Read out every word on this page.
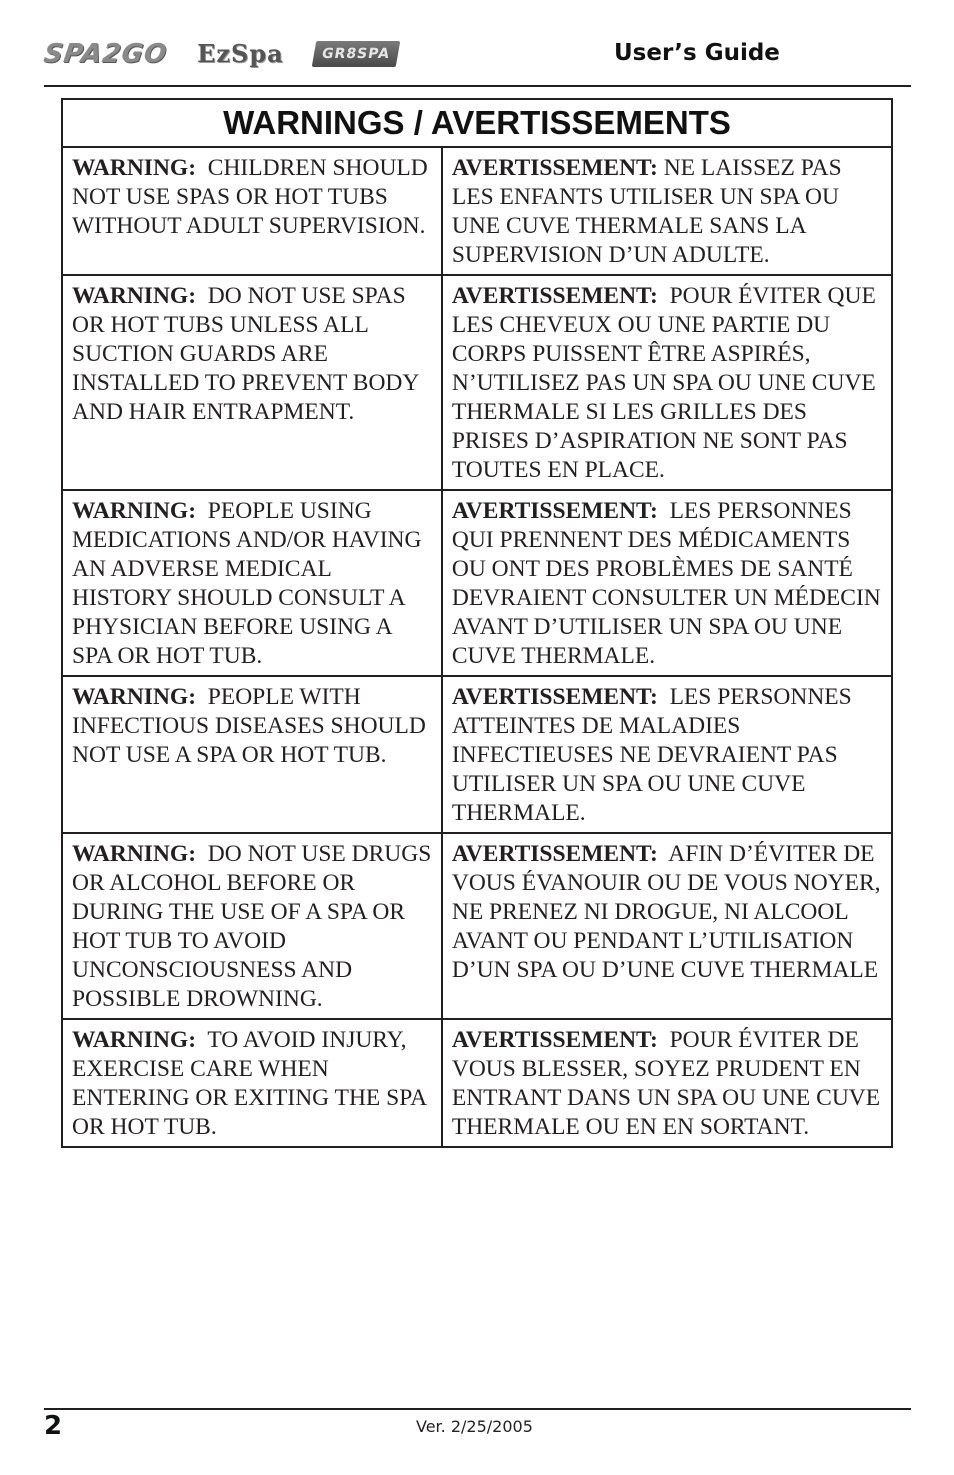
SPA2GO EzSpa	GR8SPA	User’s Guide
WARNINGS / AVERTISSEMENTS	
WARNING: CHILDREN SHOULD NOT USE SPAS OR HOT TUBS WITHOUT ADULT SUPERVISION.	AVERTISSEMENT: NE LAISSEZ PAS LES ENFANTS UTILISER UN SPA OU UNE CUVE THERMALE SANS LA SUPERVISION D’UN ADULTE.
WARNING: DO NOT USE SPAS OR HOT TUBS UNLESS ALL SUCTION GUARDS ARE INSTALLED TO PREVENT BODY AND HAIR ENTRAPMENT.	AVERTISSEMENT: POUR ÉVITER QUE LES CHEVEUX OU UNE PARTIE DU CORPS PUISSENT ÊTRE ASPIRÉS, N’UTILISEZ PAS UN SPA OU UNE CUVE THERMALE SI LES GRILLES DES PRISES D’ASPIRATION NE SONT PAS TOUTES EN PLACE.
WARNING: PEOPLE USING MEDICATIONS AND/OR HAVING AN ADVERSE MEDICAL HISTORY SHOULD CONSULT A PHYSICIAN BEFORE USING A SPA OR HOT TUB.	AVERTISSEMENT: LES PERSONNES QUI PRENNENT DES MÉDICAMENTS OU ONT DES PROBLÈMES DE SANTÉ DEVRAIENT CONSULTER UN MÉDECIN AVANT D’UTILISER UN SPA OU UNE CUVE THERMALE.
WARNING: PEOPLE WITH INFECTIOUS DISEASES SHOULD NOT USE A SPA OR HOT TUB.	AVERTISSEMENT: LES PERSONNES ATTEINTES DE MALADIES INFECTIEUSES NE DEVRAIENT PAS UTILISER UN SPA OU UNE CUVE THERMALE.
WARNING: DO NOT USE DRUGS OR ALCOHOL BEFORE OR DURING THE USE OF A SPA OR HOT TUB TO AVOID UNCONSCIOUSNESS AND POSSIBLE DROWNING.	AVERTISSEMENT: AFIN D’ÉVITER DE VOUS ÉVANOUIR OU DE VOUS NOYER, NE PRENEZ NI DROGUE, NI ALCOOL AVANT OU PENDANT L’UTILISATION D’UN SPA OU D’UNE CUVE THERMALE
WARNING: TO AVOID INJURY, EXERCISE CARE WHEN ENTERING OR EXITING THE SPA OR HOT TUB.	AVERTISSEMENT: POUR ÉVITER DE VOUS BLESSER, SOYEZ PRUDENT EN ENTRANT DANS UN SPA OU UNE CUVE THERMALE OU EN EN SORTANT.
2	Ver. 2/25/2005
